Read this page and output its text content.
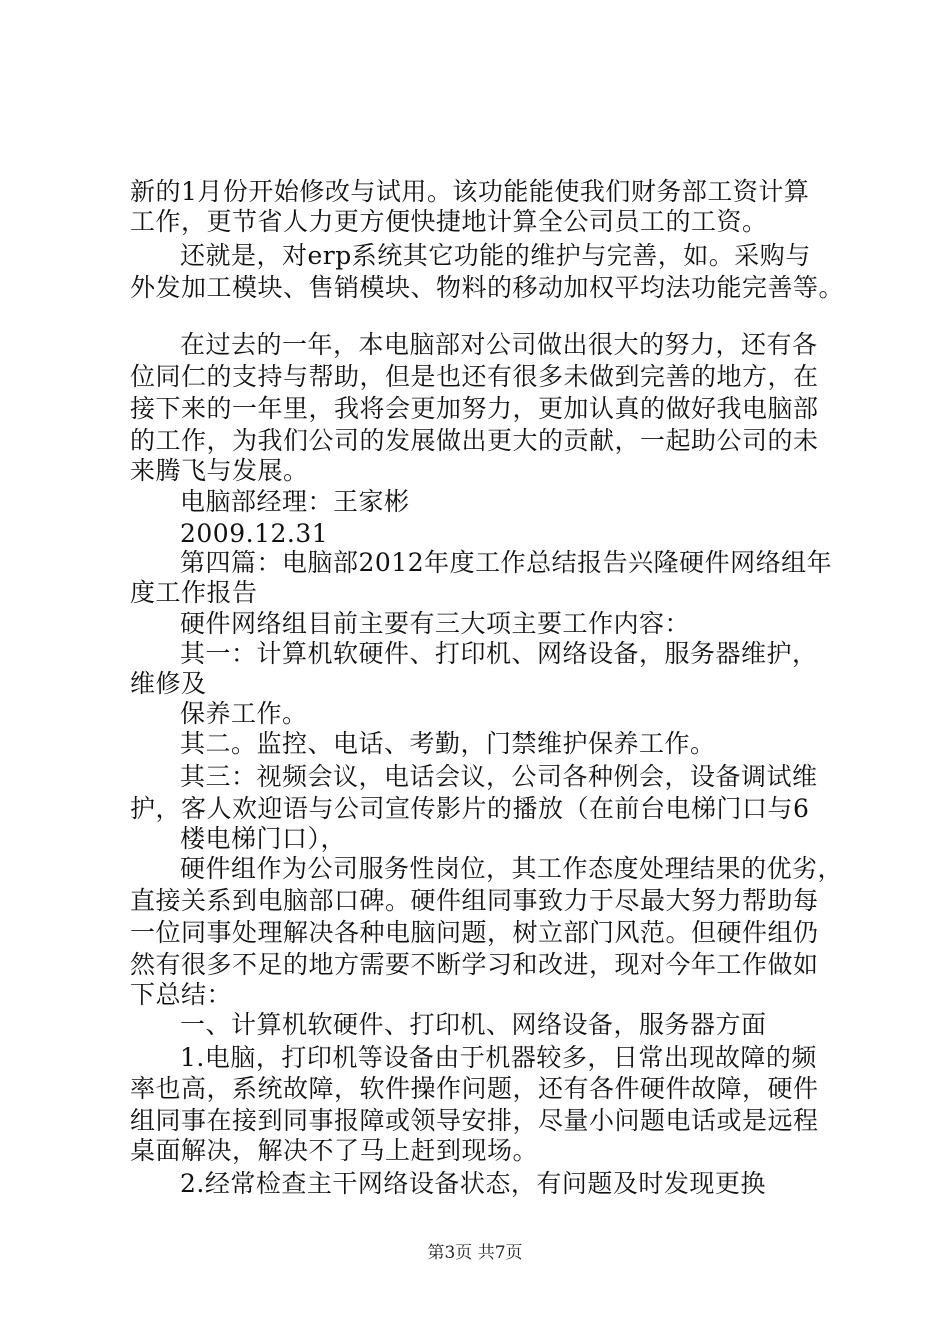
新的1月份开始修改与试用。该功能能使我们财务部工资计算
工作，更节省人力更方便快捷地计算全公司员工的工资。
还就是，对erp系统其它功能的维护与完善，如。采购与
外发加工模块、售销模块、物料的移动加权平均法功能完善等。
在过去的一年，本电脑部对公司做出很大的努力，还有各
位同仁的支持与帮助，但是也还有很多未做到完善的地方，在
接下来的一年里，我将会更加努力，更加认真的做好我电脑部
的工作，为我们公司的发展做出更大的贡献，一起助公司的未
来腾飞与发展。
电脑部经理：王家彬
2009.12.31
第四篇：电脑部2012年度工作总结报告兴隆硬件网络组年
度工作报告
硬件网络组目前主要有三大项主要工作内容：
其一：计算机软硬件、打印机、网络设备，服务器维护，
维修及
保养工作。
其二。监控、电话、考勤，门禁维护保养工作。
其三：视频会议，电话会议，公司各种例会，设备调试维
护，客人欢迎语与公司宣传影片的播放（在前台电梯门口与6
楼电梯门口），
硬件组作为公司服务性岗位，其工作态度处理结果的优劣，
直接关系到电脑部口碑。硬件组同事致力于尽最大努力帮助每
一位同事处理解决各种电脑问题，树立部门风范。但硬件组仍
然有很多不足的地方需要不断学习和改进，现对今年工作做如
下总结：
一、计算机软硬件、打印机、网络设备，服务器方面
1.电脑，打印机等设备由于机器较多，日常出现故障的频
率也高，系统故障，软件操作问题，还有各件硬件故障，硬件
组同事在接到同事报障或领导安排，尽量小问题电话或是远程
桌面解决，解决不了马上赶到现场。
2.经常检查主干网络设备状态，有问题及时发现更换
第3页 共7页
